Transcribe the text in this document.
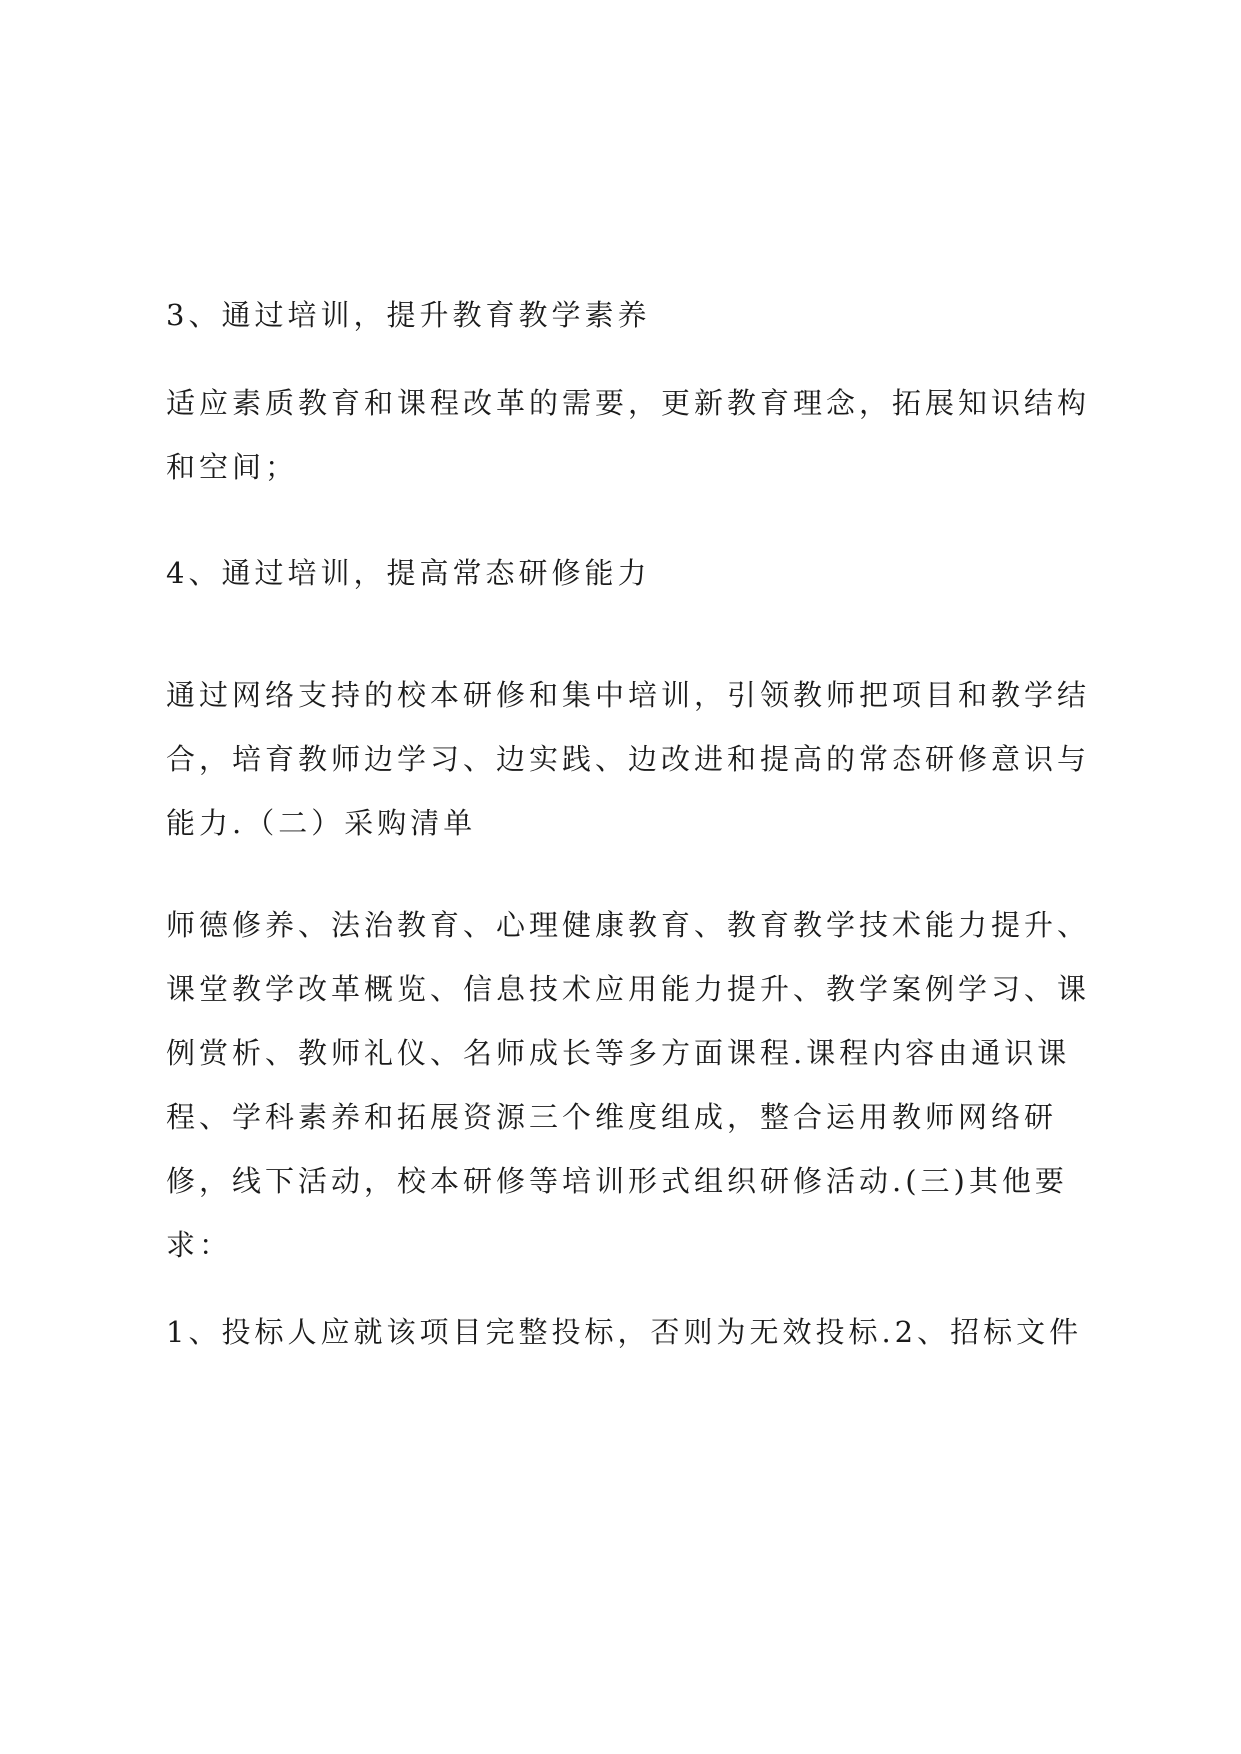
3、通过培训，提升教育教学素养

适应素质教育和课程改革的需要，更新教育理念，拓展知识结构
和空间；

4、通过培训，提高常态研修能力

通过网络支持的校本研修和集中培训，引领教师把项目和教学结
合，培育教师边学习、边实践、边改进和提高的常态研修意识与
能力.（二）采购清单

师德修养、法治教育、心理健康教育、教育教学技术能力提升、
课堂教学改革概览、信息技术应用能力提升、教学案例学习、课
例赏析、教师礼仪、名师成长等多方面课程.课程内容由通识课
程、学科素养和拓展资源三个维度组成，整合运用教师网络研
修，线下活动，校本研修等培训形式组织研修活动.(三)其他要
求：

1、投标人应就该项目完整投标，否则为无效投标.2、招标文件
